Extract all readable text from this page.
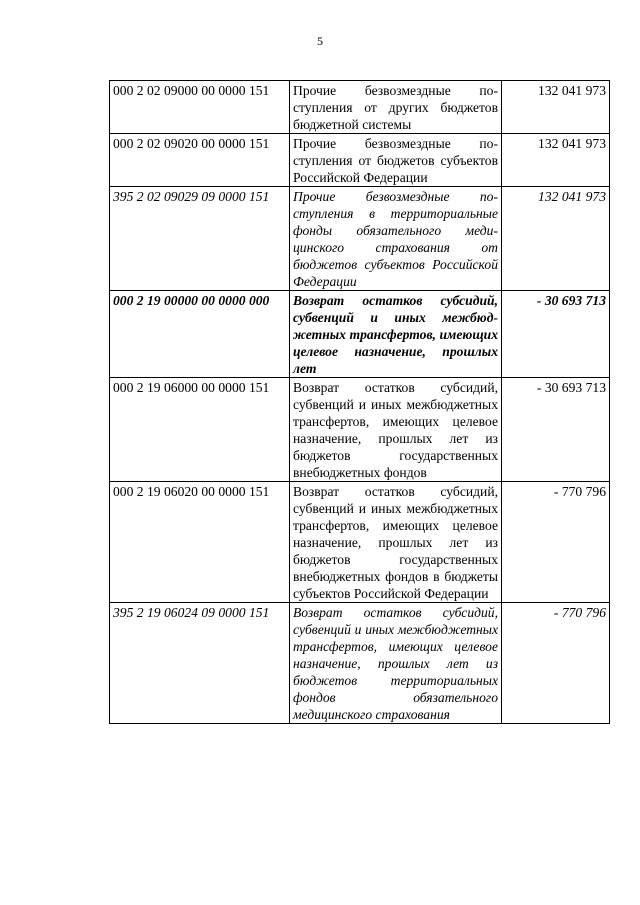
5
000 2 02 09000 00 0000 151	Прочие безвозмездные поступления от других бюджетов бюджетной системы	132 041 973
000 2 02 09020 00 0000 151	Прочие безвозмездные поступления от бюджетов субъектов Российской Федерации	132 041 973
395 2 02 09029 09 0000 151	Прочие безвозмездные поступления в территориальные фонды обязательного медицинского страхования от бюджетов субъектов Российской Федерации	132 041 973
000 2 19 00000 00 0000 000	Возврат остатков субсидий, субвенций и иных межбюджетных трансфертов, имеющих целевое назначение, прошлых лет	- 30 693 713
000 2 19 06000 00 0000 151	Возврат остатков субсидий, субвенций и иных межбюджетных трансфертов, имеющих целевое назначение, прошлых лет из бюджетов государственных внебюджетных фондов	- 30 693 713
000 2 19 06020 00 0000 151	Возврат остатков субсидий, субвенций и иных межбюджетных трансфертов, имеющих целевое назначение, прошлых лет из бюджетов государственных внебюджетных фондов в бюджеты субъектов Российской Федерации	- 770 796
395 2 19 06024 09 0000 151	Возврат остатков субсидий, субвенций и иных межбюджетных трансфертов, имеющих целевое назначение, прошлых лет из бюджетов территориальных фондов обязательного медицинского страхования	- 770 796
